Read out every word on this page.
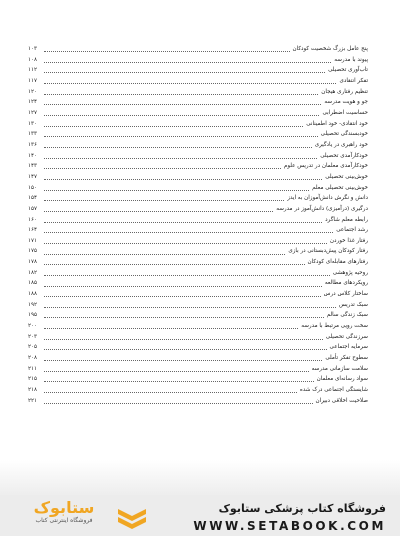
پنج عامل بزرگ شخصیت کودکان
۱۰۳
پیوند با مدرسه
۱۰۸
تاب‌آوری تحصیلی
۱۱۲
تفکر انتقادی
۱۱۷
تنظیم رفتاری هیجان
۱۲۰
جو و هویت مدرسه
۱۲۴
حساسیت اضطرابی
۱۲۷
خود انتقادی- خود اطمینانی
۱۳۰
خودبسندگی تحصیلی
۱۳۳
خود راهبری در یادگیری
۱۳۶
خودکارآمدی تحصیلی
۱۴۰
خودکارآمدی معلمان در تدریس علوم
۱۴۳
خوش‌بینی تحصیلی
۱۴۷
خوش‌بینی تحصیلی معلم
۱۵۰
دانش و نگرش دانش‌آموزان به ایدز
۱۵۴
درگیری (درآمیزی) دانش‌آموز در مدرسه
۱۵۷
رابطه معلم شاگرد
۱۶۰
رشد اجتماعی
۱۶۴
رفتار غذا خوردن
۱۷۱
رفتار کودکان پیش‌دبستانی در بازی
۱۷۵
رفتارهای مقابله‌ای کودکان
۱۷۸
روحیه پژوهشی
۱۸۲
رویکردهای مطالعه
۱۸۵
ساختار کلاس درس
۱۸۸
سبک تدریس
۱۹۲
سبک زندگی سالم
۱۹۵
سخت رویی مرتبط با مدرسه
۲۰۰
سرزندگی تحصیلی
۲۰۳
سرمایه اجتماعی
۲۰۵
سطوح تفکر تأملی
۲۰۸
سلامت سازمانی مدرسه
۲۱۱
سواد رسانه‌ای معلمان
۲۱۵
شایستگی اجتماعی درک شده
۲۱۸
صلاحیت اخلاقی دبیران
۲۲۱
فروشگاه کتاب پزشکی ستابوک
WWW.SETABOOK.COM
ستابوک
فروشگاه اینترنتی کتاب
